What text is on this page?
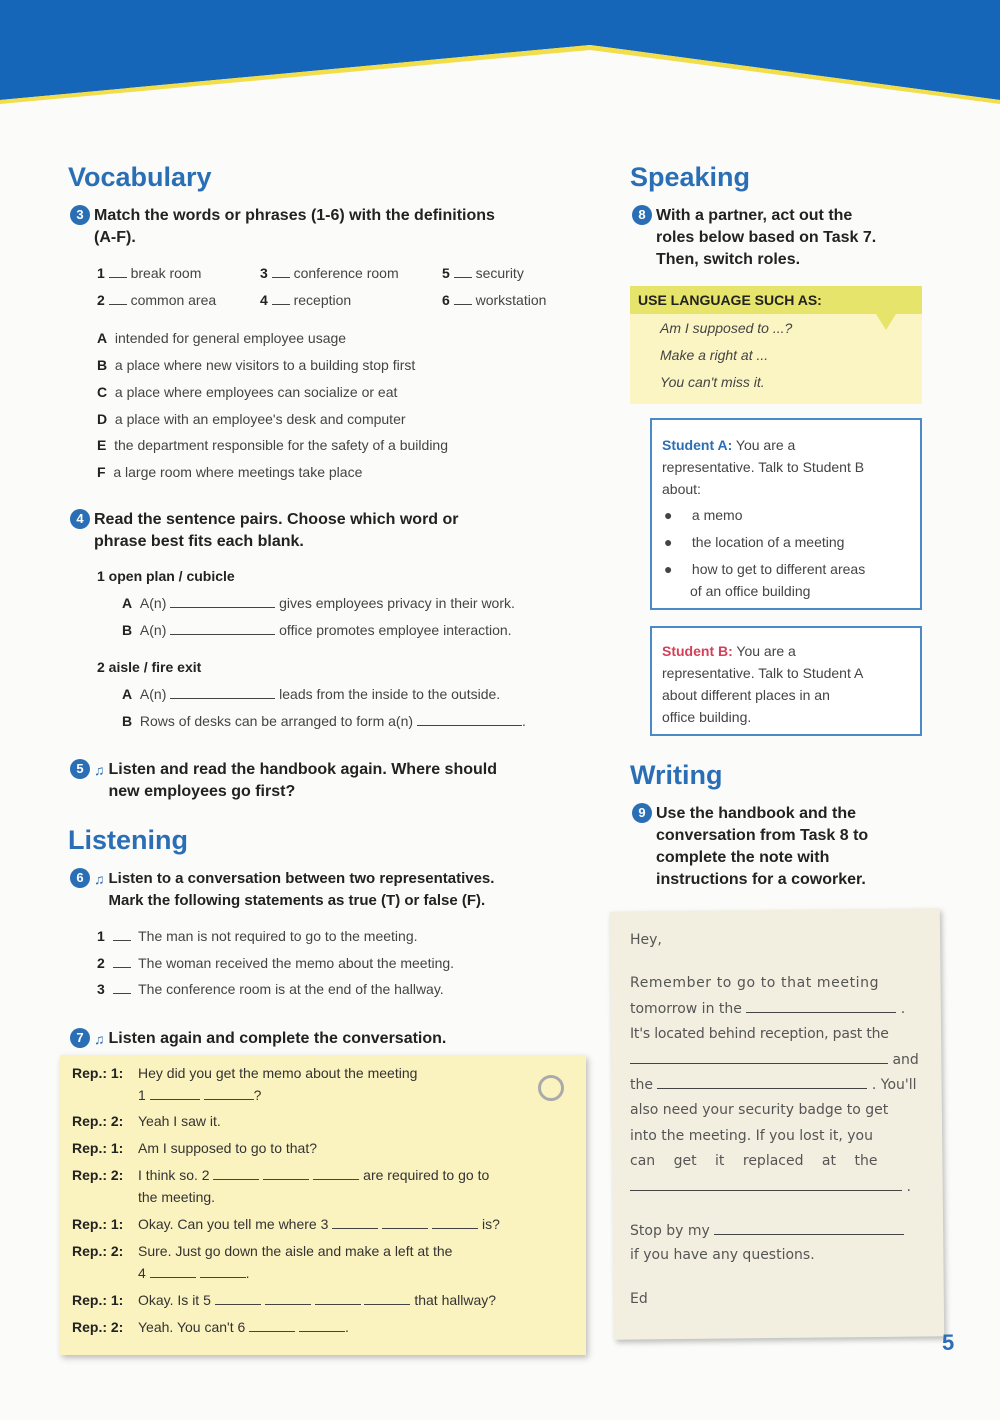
Vocabulary
3 Match the words or phrases (1-6) with the definitions
(A-F).
1 break room
2 common area
3 conference room
4 reception
5 security
6 workstation
A intended for general employee usage
B a place where new visitors to a building stop first
C a place where employees can socialize or eat
D a place with an employee's desk and computer
E the department responsible for the safety of a building
F a large room where meetings take place
4 Read the sentence pairs. Choose which word or
phrase best fits each blank.
1 open plan / cubicle
A A(n)	gives employees privacy in their work.
B A(n)	office promotes employee interaction.
2 aisle / fire exit
A A(n)	leads from the inside to the outside.
B Rows of desks can be arranged to form a(n)	.
5 ♫ Listen and read the handbook again. Where should
new employees go first?
Listening
6 ♫ Listen to a conversation between two representatives.
Mark the following statements as true (T) or false (F).
1 The man is not required to go to the meeting.
2 The woman received the memo about the meeting.
3 The conference room is at the end of the hallway.
7 ♫ Listen again and complete the conversation.
Rep.: 1: Hey did you get the memo about the meeting
1	?
Rep.: 2: Yeah I saw it.
Rep.: 1: Am I supposed to go to that?
Rep.: 2: I think so. 2	are required to go to
the meeting.
Rep.: 1: Okay. Can you tell me where 3	is?
Rep.: 2: Sure. Just go down the aisle and make a left at the
4	.
Rep.: 1: Okay. Is it 5	that hallway?
Rep.: 2: Yeah. You can't 6	.
Speaking
8 With a partner, act out the
roles below based on Task 7.
Then, switch roles.
USE LANGUAGE SUCH AS:
Am I supposed to ...?
Make a right at ...
You can't miss it.
Student A: You are a
representative. Talk to Student B
about:
●     a memo
●     the location of a meeting
●     how to get to different areas
of an office building
Student B: You are a
representative. Talk to Student A
about different places in an
office building.
Writing
9 Use the handbook and the
conversation from Task 8 to
complete the note with
instructions for a coworker.
Hey,
Remember to go to that meeting
tomorrow in the	.
It's located behind reception, past the
and
the	. You'll
also need your security badge to get
into the meeting. If you lost it, you
can get it replaced at the
.
Stop by my
if you have any questions.
Ed
5
